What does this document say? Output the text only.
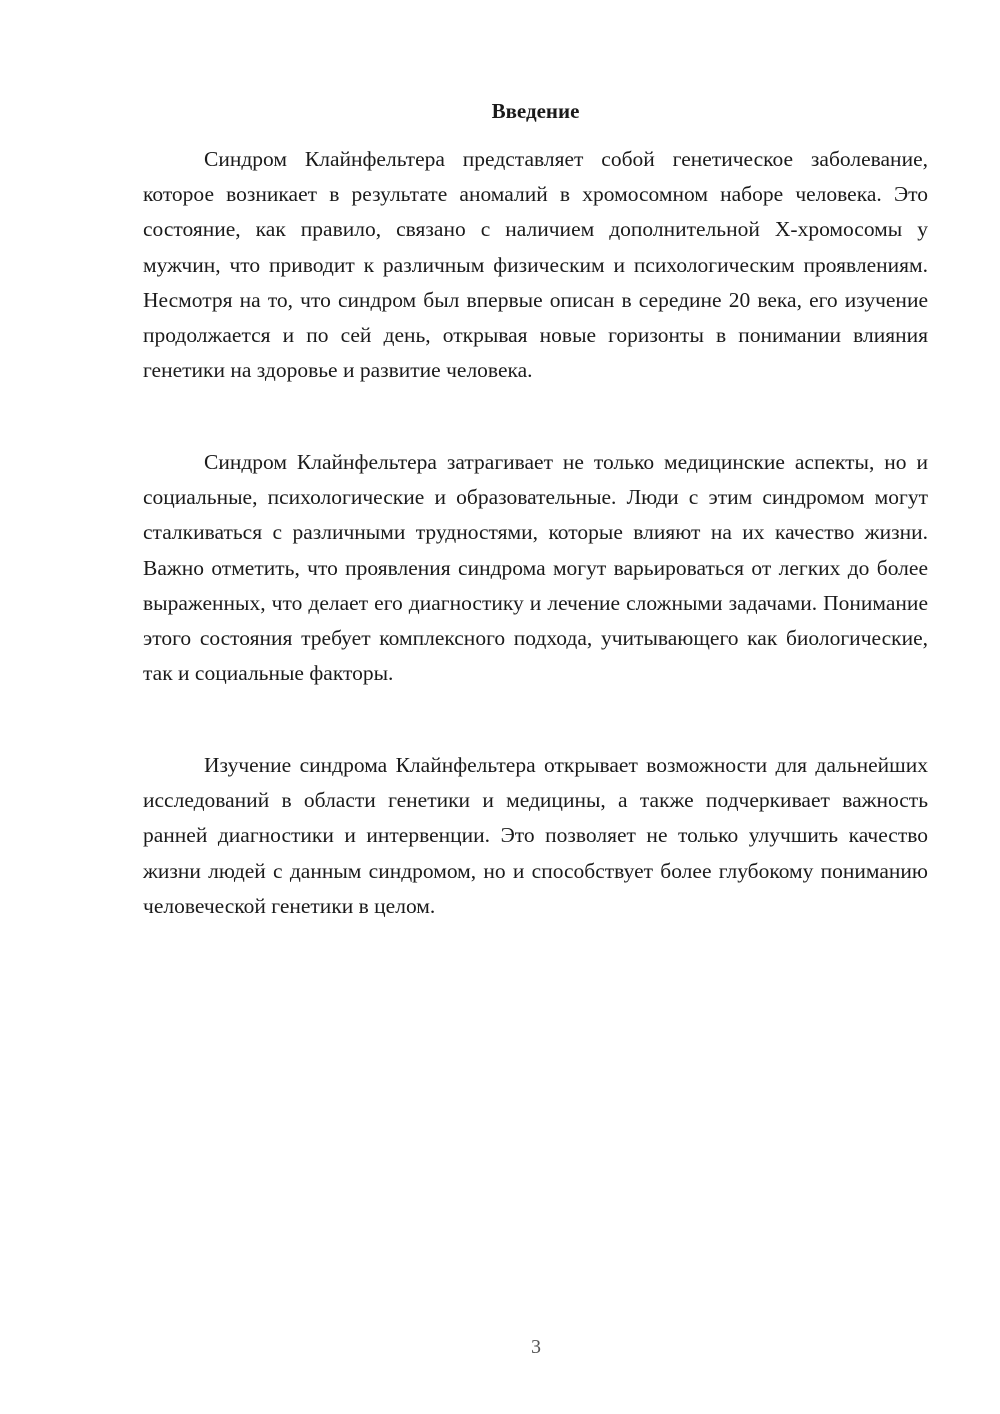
Введение

Синдром Клайнфельтера представляет собой генетическое заболевание, которое возникает в результате аномалий в хромосомном наборе человека. Это состояние, как правило, связано с наличием дополнительной X-хромосомы у мужчин, что приводит к различным физическим и психологическим проявлениям. Несмотря на то, что синдром был впервые описан в середине 20 века, его изучение продолжается и по сей день, открывая новые горизонты в понимании влияния генетики на здоровье и развитие человека.

Синдром Клайнфельтера затрагивает не только медицинские аспекты, но и социальные, психологические и образовательные. Люди с этим синдромом могут сталкиваться с различными трудностями, которые влияют на их качество жизни. Важно отметить, что проявления синдрома могут варьироваться от легких до более выраженных, что делает его диагностику и лечение сложными задачами. Понимание этого состояния требует комплексного подхода, учитывающего как биологические, так и социальные факторы.

Изучение синдрома Клайнфельтера открывает возможности для дальнейших исследований в области генетики и медицины, а также подчеркивает важность ранней диагностики и интервенции. Это позволяет не только улучшить качество жизни людей с данным синдромом, но и способствует более глубокому пониманию человеческой генетики в целом.

3
